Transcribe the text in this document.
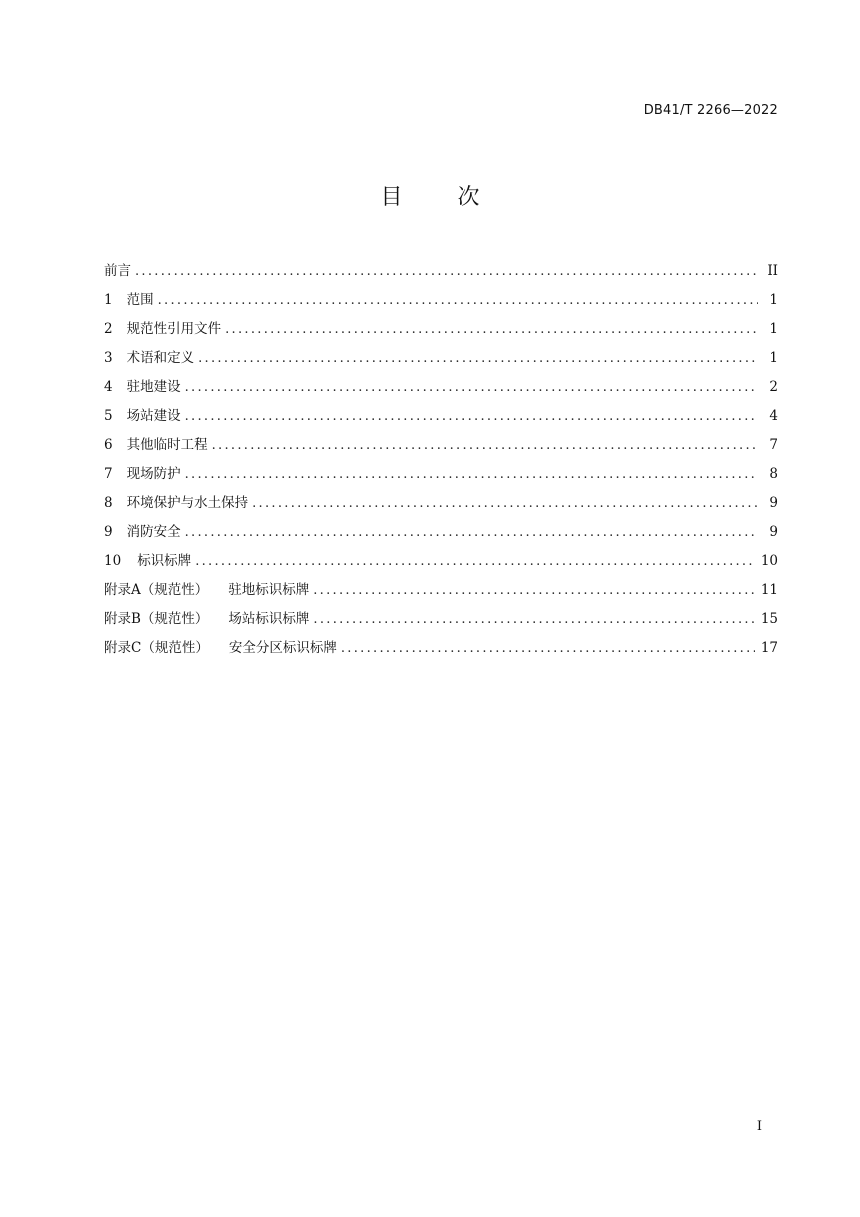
DB41/T 2266—2022
目 次
前言 .....	II
1 范围 .....	1
2 规范性引用文件 .....	1
3 术语和定义 .....	1
4 驻地建设 .....	2
5 场站建设 .....	4
6 其他临时工程 .....	7
7 现场防护 .....	8
8 环境保护与水土保持 .....	9
9 消防安全 .....	9
10 标识标牌 .....	10
附录A（规范性） 驻地标识标牌 .....	11
附录B（规范性） 场站标识标牌 .....	15
附录C（规范性） 安全分区标识标牌 .....	17
I
